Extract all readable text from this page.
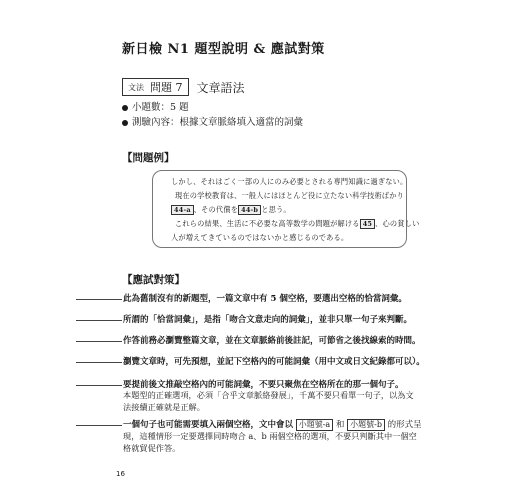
新日檢 N1 題型說明 & 應試對策
文法 問題 7 文章語法
小題數：5 題
測驗內容：根據文章脈絡填入適當的詞彙
【問題例】
しかし、それはごく一部の人にのみ必要とされる専門知識に過ぎない。
現在の学校教育は、一般人にはほとんど役に立たない科学技術ばかり
44-a 、その代償を 44-b と思う。
これらの結果、生活に不必要な高等数学の問題が解ける 45 、心の貧しい
人が増えてきているのではないかと感じるのである。
【應試對策】
此為舊制沒有的新題型，一篇文章中有 5 個空格，要選出空格的恰當詞彙。
所謂的「恰當詞彙」，是指「吻合文意走向的詞彙」，並非只單一句子來判斷。
作答前務必瀏覽整篇文章，並在文章脈絡前後註記，可節省之後找線索的時間。
瀏覽文章時，可先預想，並記下空格內的可能詞彙（用中文或日文紀錄都可以）。
要提前後文推敲空格內的可能詞彙，不要只聚焦在空格所在的那一個句子。
本題型的正確選項，必須「合乎文章脈絡發展」，千萬不要只看單一句子，以為文
法接續正確就是正解。
一個句子也可能需要填入兩個空格，文中會以 小題號-a 和 小題號-b 的形式呈
現，這種情形一定要選擇同時吻合 a、b 兩個空格的選項，不要只判斷其中一個空
格就貿促作答。
16
